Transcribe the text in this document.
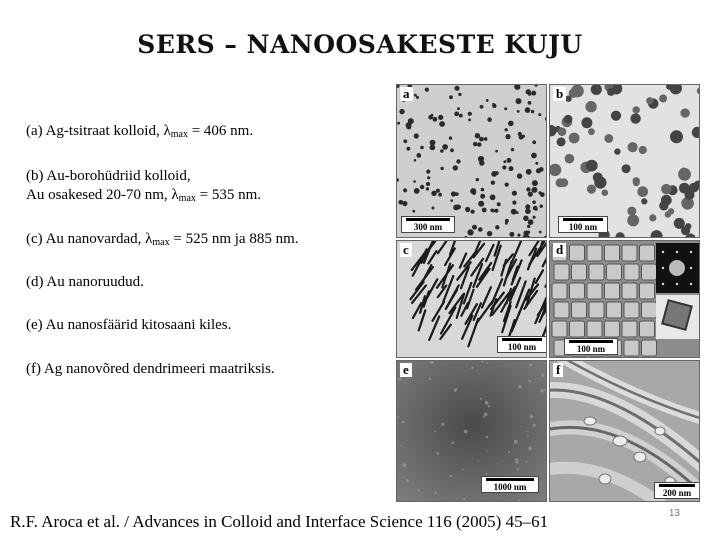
SERS – NANOOSAKESTE KUJU
(a) Ag-tsitraat kolloid, $\lambda_{max} = 406$ nm.
(b) Au-borohüdriid kolloid,
Au osakesed 20-70 nm, $\lambda_{max} = 535$ nm.
(c) Au nanovardad, $\lambda_{max} = 525$ nm ja 885 nm.
(d) Au nanoruudud.
(e) Au nanosfäärid kitosaani kiles.
(f) Ag nanovõred dendrimeeri maatriksis.
a
300 nm
b
100 nm
c
100 nm
d
100 nm
e
1000 nm
f
200 nm
R.F. Aroca et al. / Advances in Colloid and Interface Science 116 (2005) 45–61	13
